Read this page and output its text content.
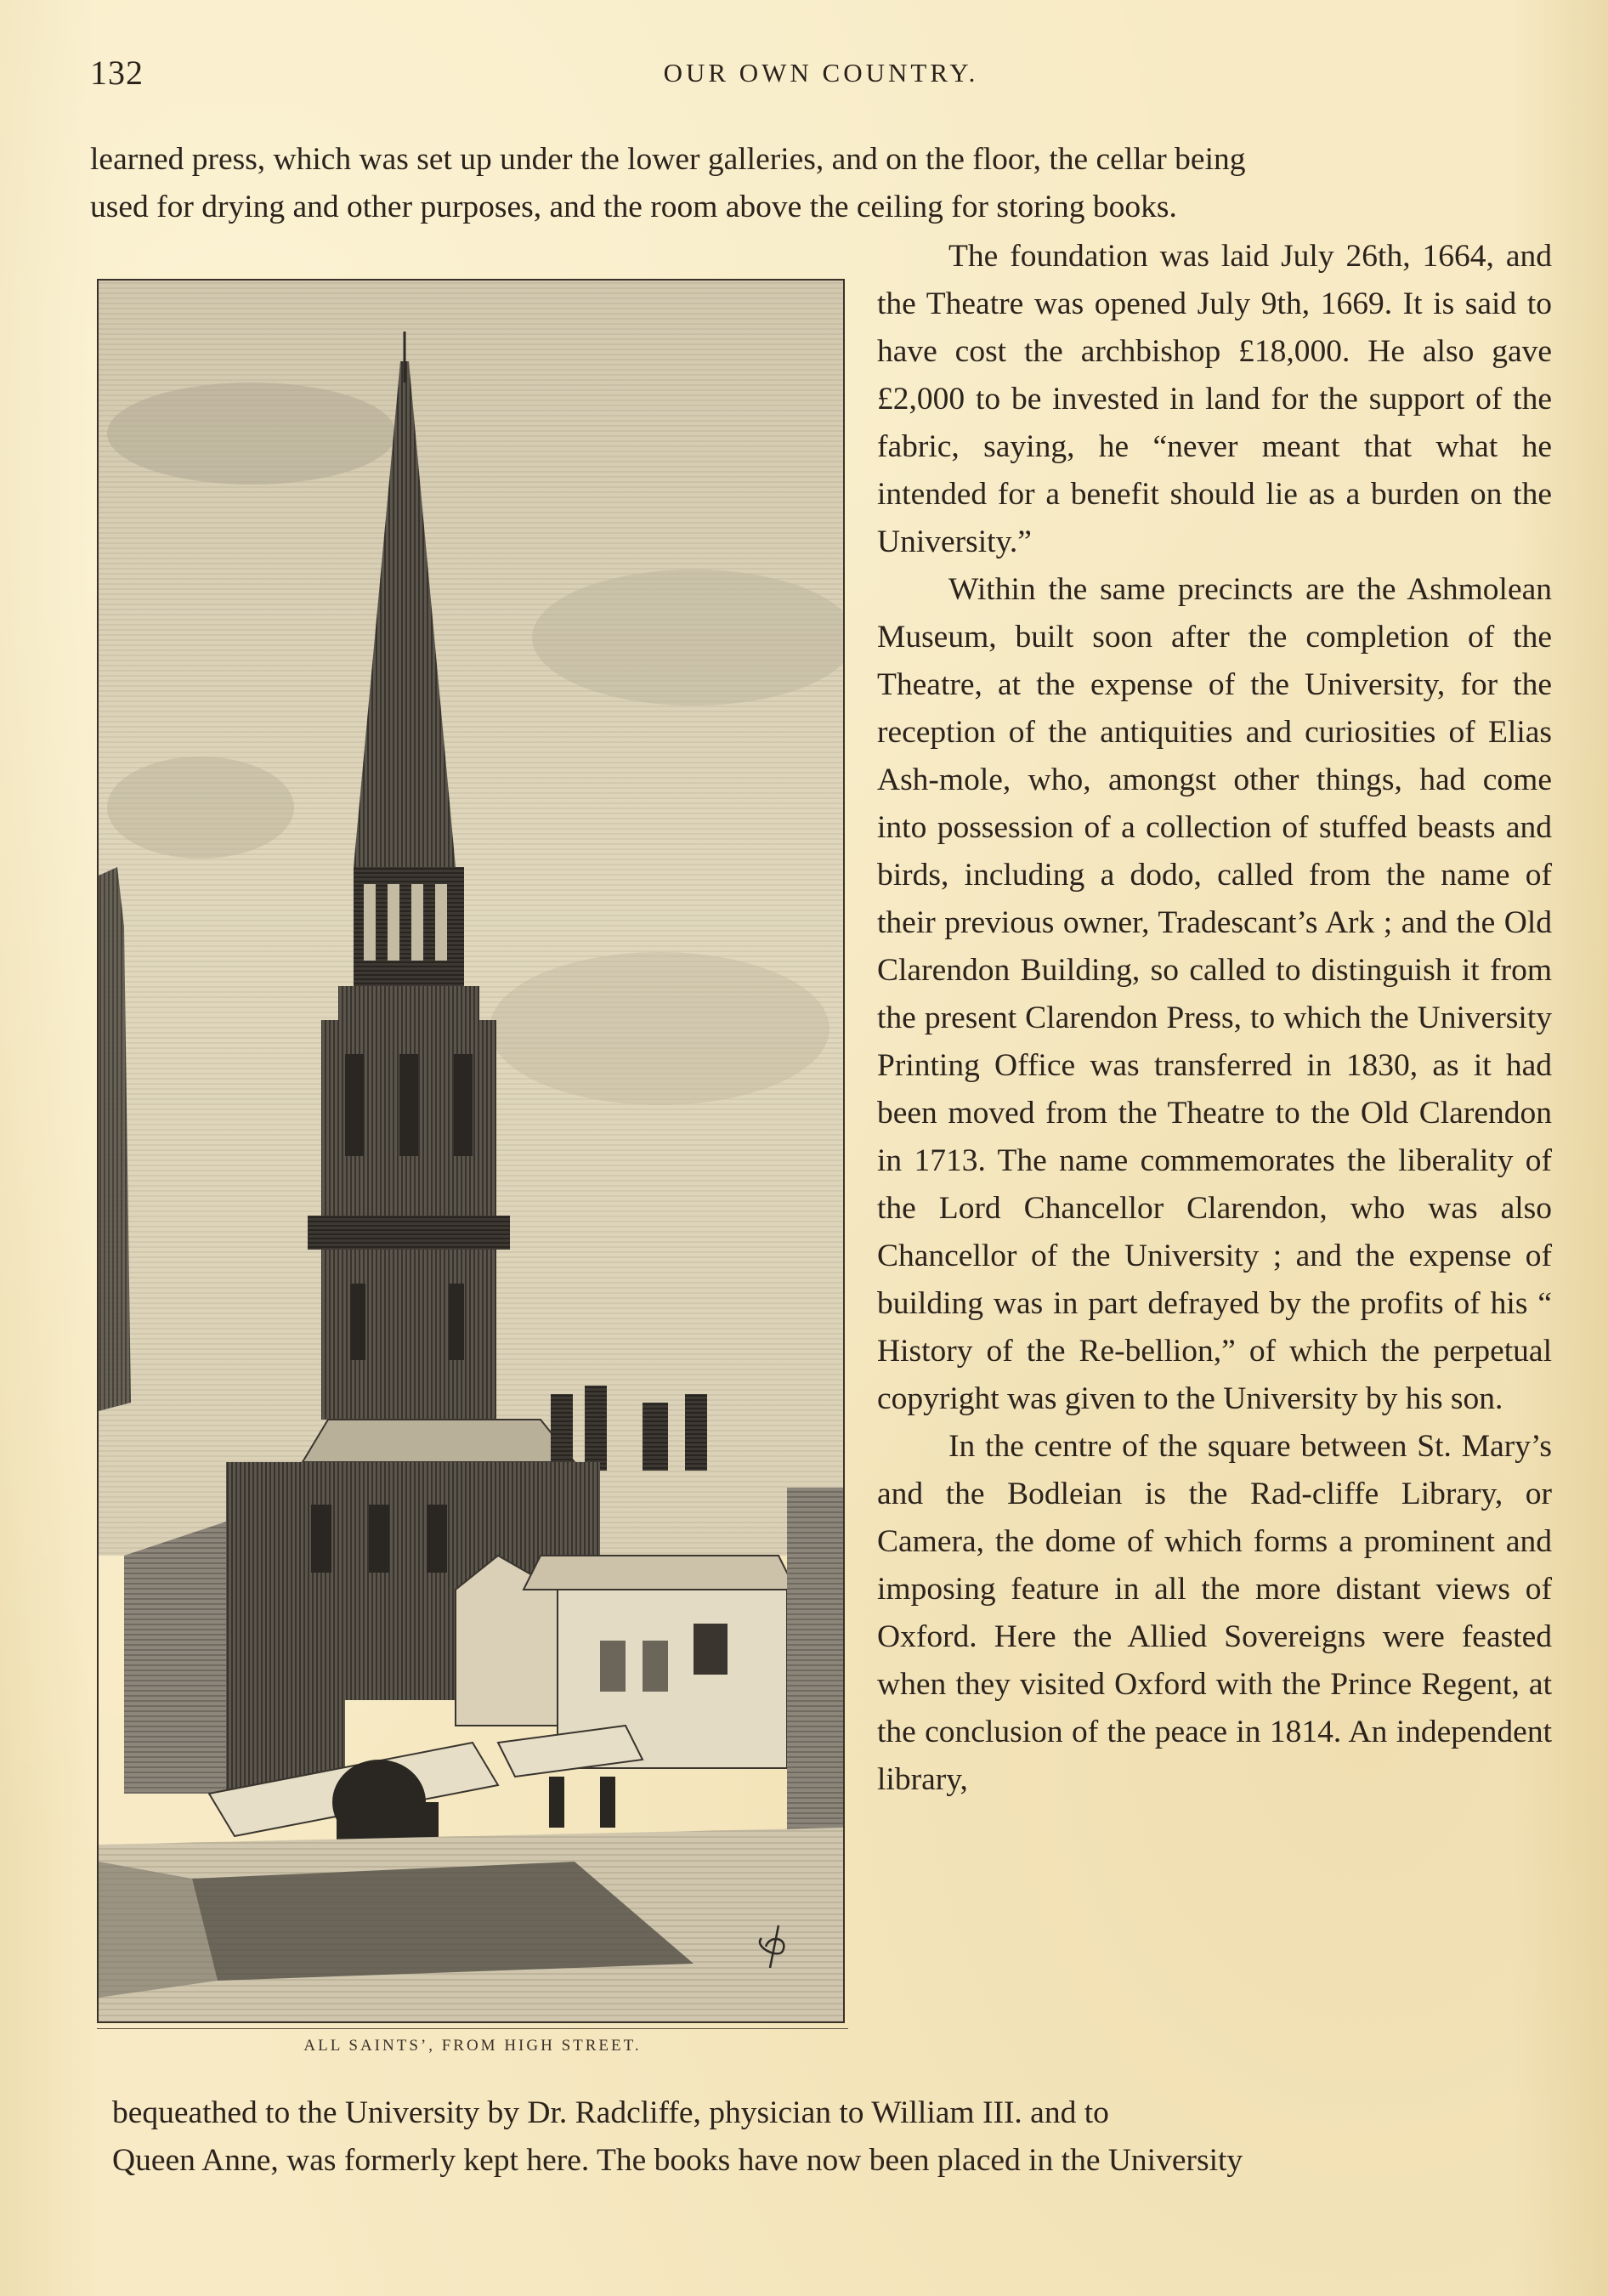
132	OUR OWN COUNTRY.

learned press, which was set up under the lower galleries, and on the floor, the cellar being

used for drying and other purposes, and the room above the ceiling for storing books.

ALL SAINTS’, FROM HIGH STREET.

The foundation was laid July 26th, 1664, and the Theatre was opened July 9th, 1669. It is said to have cost the archbishop £18,000. He also gave £2,000 to be invested in land for the support of the fabric, saying, he “never meant that what he intended for a benefit should lie as a burden on the University.”

Within the same precincts are the Ashmolean Museum, built soon after the completion of the Theatre, at the expense of the University, for the reception of the antiquities and curiosities of Elias Ash-mole, who, amongst other things, had come into possession of a collection of stuffed beasts and birds, including a dodo, called from the name of their previous owner, Tradescant’s Ark ; and the Old Clarendon Building, so called to distinguish it from the present Clarendon Press, to which the University Printing Office was transferred in 1830, as it had been moved from the Theatre to the Old Clarendon in 1713. The name commemorates the liberality of the Lord Chancellor Clarendon, who was also Chancellor of the University ; and the expense of building was in part defrayed by the profits of his “ History of the Re-bellion,” of which the perpetual copyright was given to the University by his son.

In the centre of the square between St. Mary’s and the Bodleian is the Rad-cliffe Library, or Camera, the dome of which forms a prominent and imposing feature in all the more distant views of Oxford. Here the Allied Sovereigns were feasted when they visited Oxford with the Prince Regent, at the conclusion of the peace in 1814. An independent library,

bequeathed to the University by Dr. Radcliffe, physician to William III. and to

Queen Anne, was formerly kept here. The books have now been placed in the University
